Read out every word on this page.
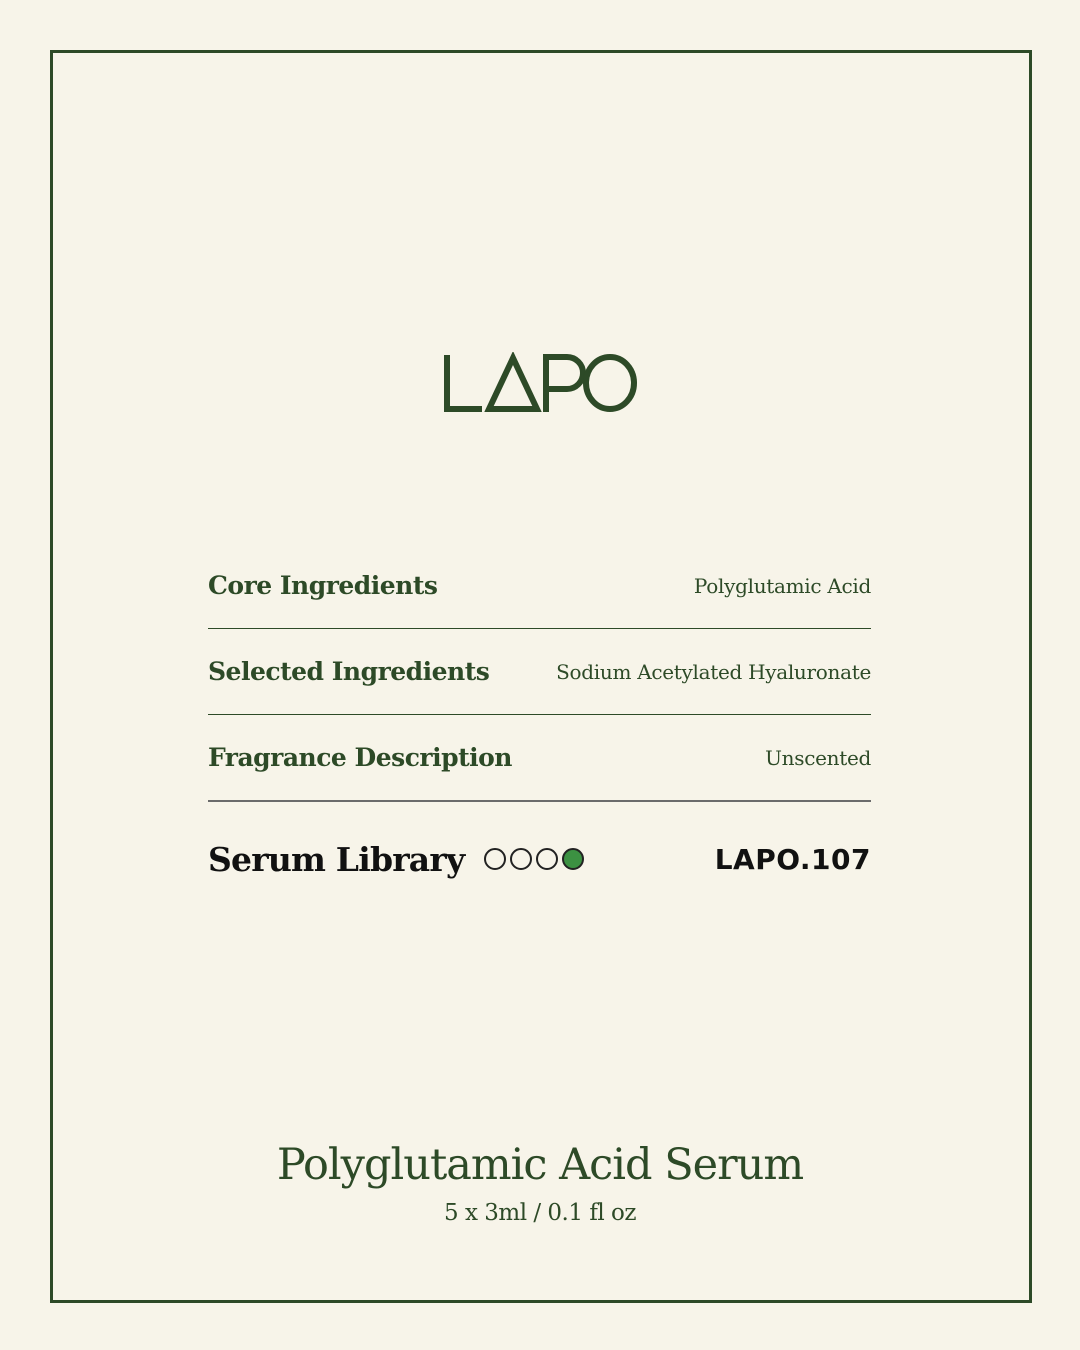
Core Ingredients	Polyglutamic Acid
Selected Ingredients	Sodium Acetylated Hyaluronate
Fragrance Description	Unscented
Serum Library	LAPO.107
Polyglutamic Acid Serum
5 x 3ml / 0.1 fl oz
